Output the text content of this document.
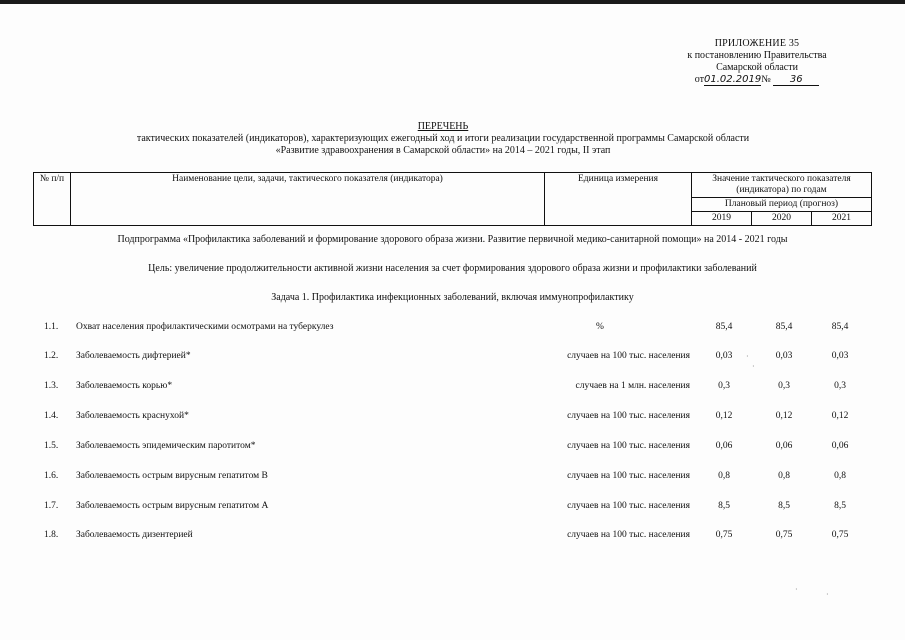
ПРИЛОЖЕНИЕ 35
к постановлению Правительства
Самарской области
от01.02.2019№ 36
ПЕРЕЧЕНЬ
тактических показателей (индикаторов), характеризующих ежегодный ход и итоги реализации государственной программы Самарской области
«Развитие здравоохранения в Самарской области» на 2014 – 2021 годы, II этап
№ п/п	Наименование цели, задачи, тактического показателя (индикатора)	Единица измерения	Значение тактического показателя (индикатора) по годам		
			Плановый период (прогноз)		
			2019	2020	2021
Подпрограмма «Профилактика заболеваний и формирование здорового образа жизни. Развитие первичной медико-санитарной помощи» на 2014 - 2021 годы
Цель: увеличение продолжительности активной жизни населения за счет формирования здорового образа жизни и профилактики заболеваний
Задача 1. Профилактика инфекционных заболеваний, включая иммунопрофилактику
1.1. Охват населения профилактическими осмотрами на туберкулез	%	85,4	85,4	85,4
1.2. Заболеваемость дифтерией*	случаев на 100 тыс. населения	0,03	0,03	0,03
1.3. Заболеваемость корью*	случаев на 1 млн. населения	0,3	0,3	0,3
1.4. Заболеваемость краснухой*	случаев на 100 тыс. населения	0,12	0,12	0,12
1.5. Заболеваемость эпидемическим паротитом*	случаев на 100 тыс. населения	0,06	0,06	0,06
1.6. Заболеваемость острым вирусным гепатитом В	случаев на 100 тыс. населения	0,8	0,8	0,8
1.7. Заболеваемость острым вирусным гепатитом А	случаев на 100 тыс. населения	8,5	8,5	8,5
1.8. Заболеваемость дизентерией	случаев на 100 тыс. населения	0,75	0,75	0,75
·
·
·
·
